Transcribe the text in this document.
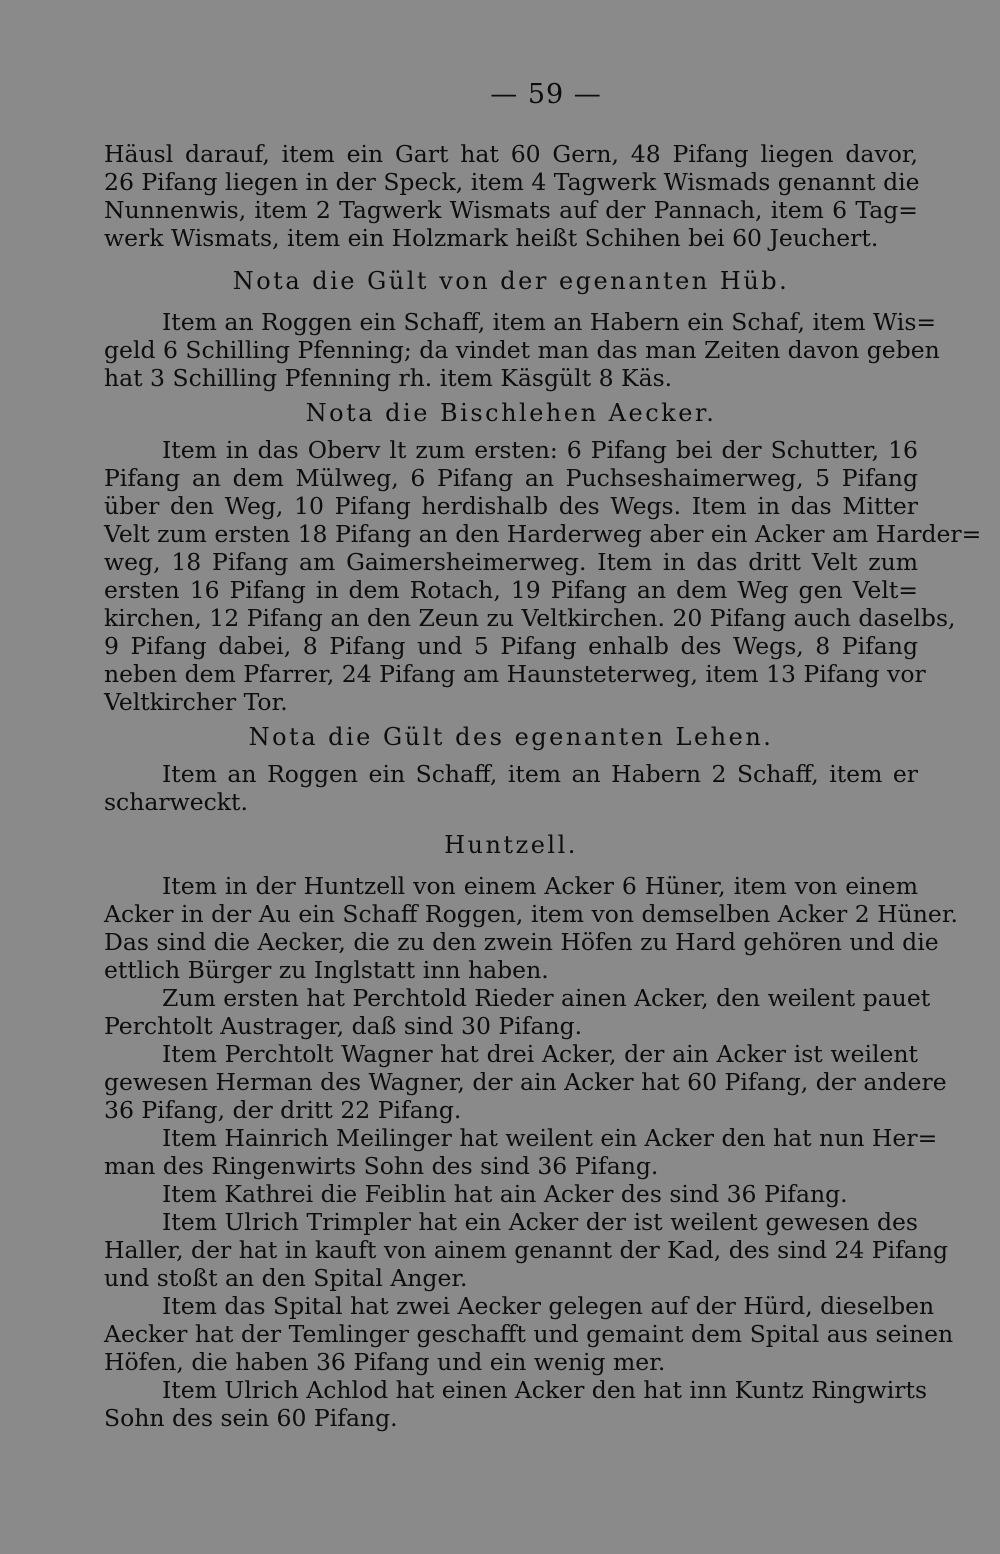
— 59 —
Häusl darauf, item ein Gart hat 60 Gern, 48 Pifang liegen davor,
26 Pifang liegen in der Speck, item 4 Tagwerk Wismads genannt die
Nunnenwis, item 2 Tagwerk Wismats auf der Pannach, item 6 Tag=
werk Wismats, item ein Holzmark heißt Schihen bei 60 Jeuchert.
Nota die Gült von der egenanten Hüb.
Item an Roggen ein Schaff, item an Habern ein Schaf, item Wis=
geld 6 Schilling Pfenning; da vindet man das man Zeiten davon geben
hat 3 Schilling Pfenning rh. item Käsgült 8 Käs.
Nota die Bischlehen Aecker.
Item in das Oberv lt zum ersten: 6 Pifang bei der Schutter, 16
Pifang an dem Mülweg, 6 Pifang an Puchseshaimerweg, 5 Pifang
über den Weg, 10 Pifang herdishalb des Wegs. Item in das Mitter
Velt zum ersten 18 Pifang an den Harderweg aber ein Acker am Harder=
weg, 18 Pifang am Gaimersheimerweg. Item in das dritt Velt zum
ersten 16 Pifang in dem Rotach, 19 Pifang an dem Weg gen Velt=
kirchen, 12 Pifang an den Zeun zu Veltkirchen. 20 Pifang auch daselbs,
9 Pifang dabei, 8 Pifang und 5 Pifang enhalb des Wegs, 8 Pifang
neben dem Pfarrer, 24 Pifang am Haunsteterweg, item 13 Pifang vor
Veltkircher Tor.
Nota die Gült des egenanten Lehen.
Item an Roggen ein Schaff, item an Habern 2 Schaff, item er
scharweckt.
Huntzell.
Item in der Huntzell von einem Acker 6 Hüner, item von einem
Acker in der Au ein Schaff Roggen, item von demselben Acker 2 Hüner.
Das sind die Aecker, die zu den zwein Höfen zu Hard gehören und die
ettlich Bürger zu Inglstatt inn haben.
Zum ersten hat Perchtold Rieder ainen Acker, den weilent pauet
Perchtolt Austrager, daß sind 30 Pifang.
Item Perchtolt Wagner hat drei Acker, der ain Acker ist weilent
gewesen Herman des Wagner, der ain Acker hat 60 Pifang, der andere
36 Pifang, der dritt 22 Pifang.
Item Hainrich Meilinger hat weilent ein Acker den hat nun Her=
man des Ringenwirts Sohn des sind 36 Pifang.
Item Kathrei die Feiblin hat ain Acker des sind 36 Pifang.
Item Ulrich Trimpler hat ein Acker der ist weilent gewesen des
Haller, der hat in kauft von ainem genannt der Kad, des sind 24 Pifang
und stoßt an den Spital Anger.
Item das Spital hat zwei Aecker gelegen auf der Hürd, dieselben
Aecker hat der Temlinger geschafft und gemaint dem Spital aus seinen
Höfen, die haben 36 Pifang und ein wenig mer.
Item Ulrich Achlod hat einen Acker den hat inn Kuntz Ringwirts
Sohn des sein 60 Pifang.
